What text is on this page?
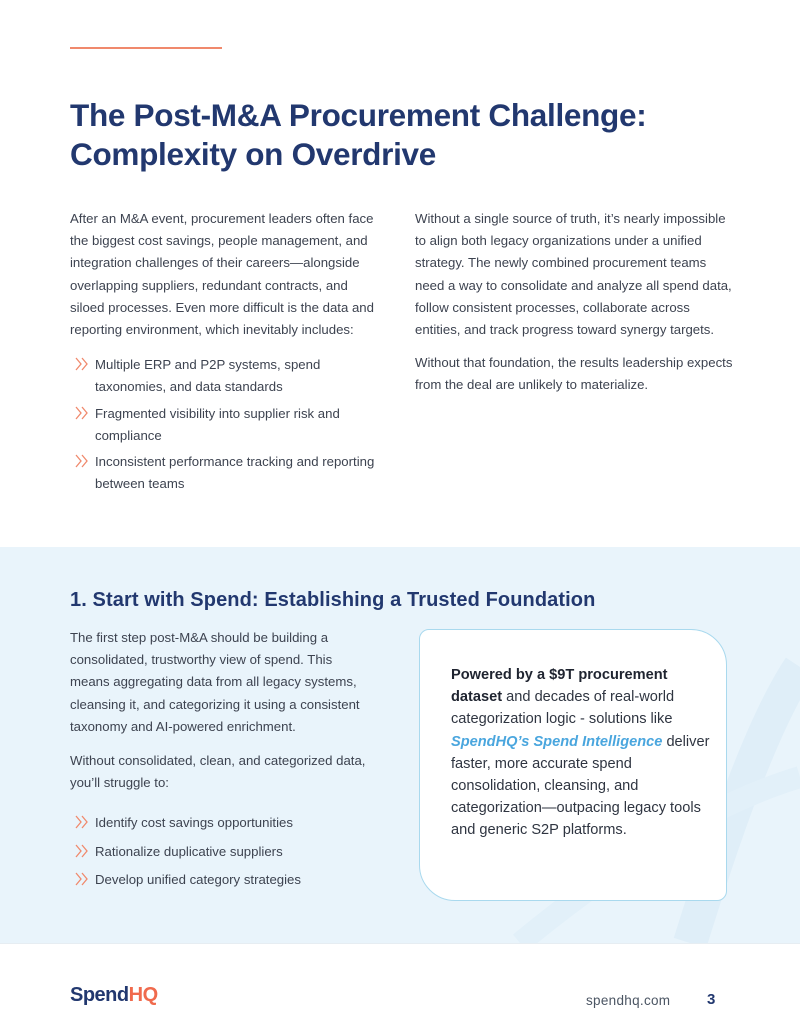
The Post-M&A Procurement Challenge:
Complexity on Overdrive

After an M&A event, procurement leaders often face the biggest cost savings, people management, and integration challenges of their careers—alongside overlapping suppliers, redundant contracts, and siloed processes. Even more difficult is the data and reporting environment, which inevitably includes:

Multiple ERP and P2P systems, spend taxonomies, and data standards
Fragmented visibility into supplier risk and compliance
Inconsistent performance tracking and reporting between teams

Without a single source of truth, it’s nearly impossible to align both legacy organizations under a unified strategy. The newly combined procurement teams need a way to consolidate and analyze all spend data, follow consistent processes, collaborate across entities, and track progress toward synergy targets.

Without that foundation, the results leadership expects from the deal are unlikely to materialize.

1. Start with Spend: Establishing a Trusted Foundation

The first step post-M&A should be building a consolidated, trustworthy view of spend. This means aggregating data from all legacy systems, cleansing it, and categorizing it using a consistent taxonomy and AI-powered enrichment.

Without consolidated, clean, and categorized data, you’ll struggle to:

Identify cost savings opportunities
Rationalize duplicative suppliers
Develop unified category strategies
Powered by a $9T procurement dataset and decades of real-world categorization logic - solutions like SpendHQ’s Spend Intelligence deliver faster, more accurate spend consolidation, cleansing, and categorization—outpacing legacy tools and generic S2P platforms.
SpendHQ	spendhq.com 3
